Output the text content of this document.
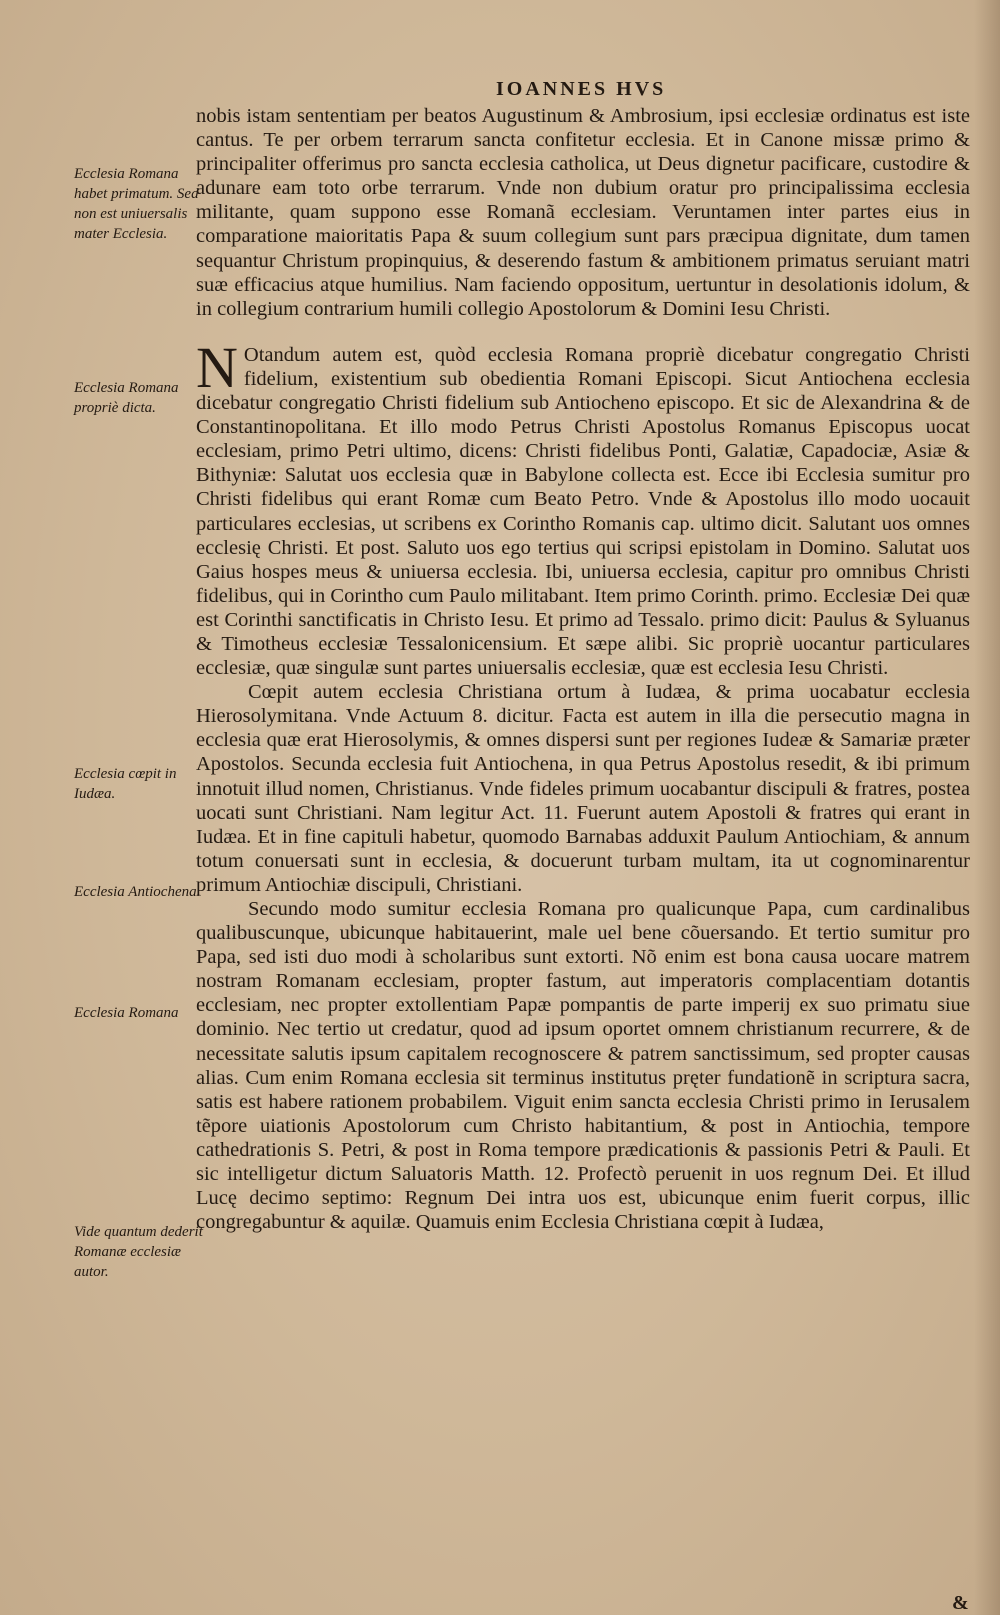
IOANNES HVS
Ecclesia Romana habet primatum. Sed non est uniuersalis mater Ecclesia.
Ecclesia Romana propriè dicta.
Ecclesia cœpit in Iudæa.
Ecclesia Antiochena.
Ecclesia Romana
Vide quantum dederit Romanæ ecclesiæ autor.

nobis istam sententiam per beatos Augustinum & Ambrosium, ipsi ecclesiæ ordinatus est iste cantus. Te per orbem terrarum sancta confitetur ecclesia. Et in Canone missæ primo & principaliter offerimus pro sancta ecclesia catholica, ut Deus dignetur pacificare, custodire & adunare eam toto orbe terrarum. Vnde non dubium oratur pro principalissima ecclesia militante, quam suppono esse Romanã ecclesiam. Veruntamen inter partes eius in comparatione maioritatis Papa & suum collegium sunt pars præcipua dignitate, dum tamen sequantur Christum propinquius, & deserendo fastum & ambitionem primatus seruiant matri suæ efficacius atque humilius. Nam faciendo oppositum, uertuntur in desolationis idolum, & in collegium contrarium humili collegio Apostolorum & Domini Iesu Christi.

N Otandum autem est, quòd ecclesia Romana propriè dicebatur congregatio Christi fidelium, existentium sub obedientia Romani Episcopi. Sicut Antiochena ecclesia dicebatur congregatio Christi fidelium sub Antiocheno episcopo. Et sic de Alexandrina & de Constantinopolitana. Et illo modo Petrus Christi Apostolus Romanus Episcopus uocat ecclesiam, primo Petri ultimo, dicens: Christi fidelibus Ponti, Galatiæ, Capadociæ, Asiæ & Bithyniæ: Salutat uos ecclesia quæ in Babylone collecta est. Ecce ibi Ecclesia sumitur pro Christi fidelibus qui erant Romæ cum Beato Petro. Vnde & Apostolus illo modo uocauit particulares ecclesias, ut scribens ex Corintho Romanis cap. ultimo dicit. Salutant uos omnes ecclesię Christi. Et post. Saluto uos ego tertius qui scripsi epistolam in Domino. Salutat uos Gaius hospes meus & uniuersa ecclesia. Ibi, uniuersa ecclesia, capitur pro omnibus Christi fidelibus, qui in Corintho cum Paulo militabant. Item primo Corinth. primo. Ecclesiæ Dei quæ est Corinthi sanctificatis in Christo Iesu. Et primo ad Tessalo. primo dicit: Paulus & Syluanus & Timotheus ecclesiæ Tessalonicensium. Et sæpe alibi. Sic propriè uocantur particulares ecclesiæ, quæ singulæ sunt partes uniuersalis ecclesiæ, quæ est ecclesia Iesu Christi.

Cœpit autem ecclesia Christiana ortum à Iudæa, & prima uocabatur ecclesia Hierosolymitana. Vnde Actuum 8. dicitur. Facta est autem in illa die persecutio magna in ecclesia quæ erat Hierosolymis, & omnes dispersi sunt per regiones Iudeæ & Samariæ præter Apostolos. Secunda ecclesia fuit Antiochena, in qua Petrus Apostolus resedit, & ibi primum innotuit illud nomen, Christianus. Vnde fideles primum uocabantur discipuli & fratres, postea uocati sunt Christiani. Nam legitur Act. 11. Fuerunt autem Apostoli & fratres qui erant in Iudæa. Et in fine capituli habetur, quomodo Barnabas adduxit Paulum Antiochiam, & annum totum conuersati sunt in ecclesia, & docuerunt turbam multam, ita ut cognominarentur primum Antiochiæ discipuli, Christiani.

Secundo modo sumitur ecclesia Romana pro qualicunque Papa, cum cardinalibus qualibuscunque, ubicunque habitauerint, male uel bene cõuersando. Et tertio sumitur pro Papa, sed isti duo modi à scholaribus sunt extorti. Nõ enim est bona causa uocare matrem nostram Romanam ecclesiam, propter fastum, aut imperatoris complacentiam dotantis ecclesiam, nec propter extollentiam Papæ pompantis de parte imperij ex suo primatu siue dominio. Nec tertio ut credatur, quod ad ipsum oportet omnem christianum recurrere, & de necessitate salutis ipsum capitalem recognoscere & patrem sanctissimum, sed propter causas alias. Cum enim Romana ecclesia sit terminus institutus pręter fundationẽ in scriptura sacra, satis est habere rationem probabilem. Viguit enim sancta ecclesia Christi primo in Ierusalem tẽpore uiationis Apostolorum cum Christo habitantium, & post in Antiochia, tempore cathedrationis S. Petri, & post in Roma tempore prædicationis & passionis Petri & Pauli. Et sic intelligetur dictum Saluatoris Matth. 12. Profectò peruenit in uos regnum Dei. Et illud Lucę decimo septimo: Regnum Dei intra uos est, ubicunque enim fuerit corpus, illic congregabuntur & aquilæ. Quamuis enim Ecclesia Christiana cœpit à Iudæa,

&
